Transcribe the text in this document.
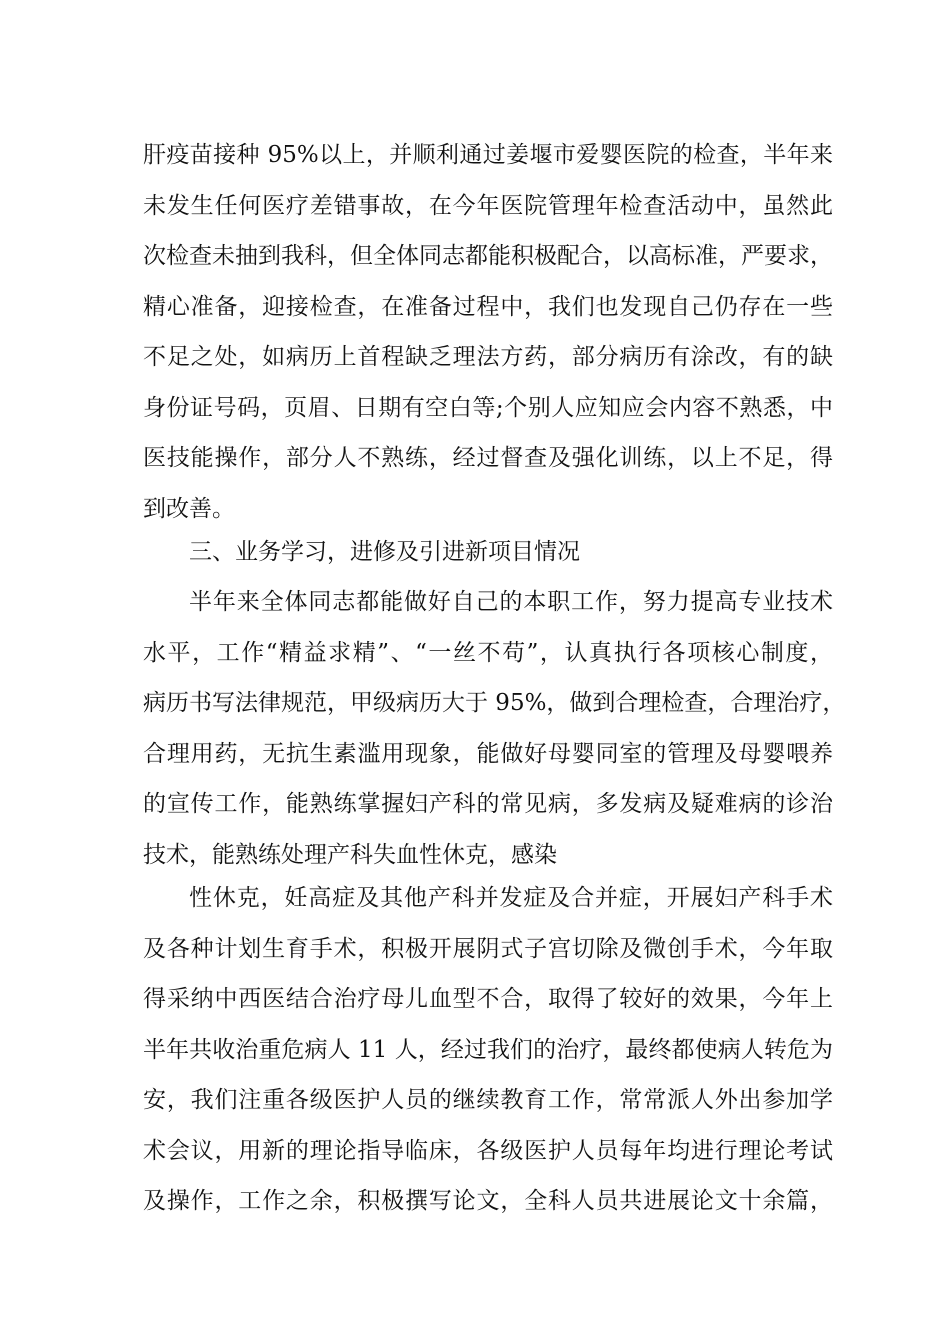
肝疫苗接种 95%以上，并顺利通过姜堰市爱婴医院的检查，半年来
未发生任何医疗差错事故，在今年医院管理年检查活动中，虽然此
次检查未抽到我科，但全体同志都能积极配合，以高标准，严要求，
精心准备，迎接检查，在准备过程中，我们也发现自己仍存在一些
不足之处，如病历上首程缺乏理法方药，部分病历有涂改，有的缺
身份证号码，页眉、日期有空白等;个别人应知应会内容不熟悉，中
医技能操作，部分人不熟练，经过督查及强化训练，以上不足，得
到改善。
三、业务学习，进修及引进新项目情况
半年来全体同志都能做好自己的本职工作，努力提高专业技术
水平，工作“精益求精”、“一丝不苟”，认真执行各项核心制度，
病历书写法律规范，甲级病历大于 95%，做到合理检查，合理治疗，
合理用药，无抗生素滥用现象，能做好母婴同室的管理及母婴喂养
的宣传工作，能熟练掌握妇产科的常见病，多发病及疑难病的诊治
技术，能熟练处理产科失血性休克，感染
性休克，妊高症及其他产科并发症及合并症，开展妇产科手术
及各种计划生育手术，积极开展阴式子宫切除及微创手术，今年取
得采纳中西医结合治疗母儿血型不合，取得了较好的效果，今年上
半年共收治重危病人 11 人，经过我们的治疗，最终都使病人转危为
安，我们注重各级医护人员的继续教育工作，常常派人外出参加学
术会议，用新的理论指导临床，各级医护人员每年均进行理论考试
及操作，工作之余，积极撰写论文，全科人员共进展论文十余篇，
